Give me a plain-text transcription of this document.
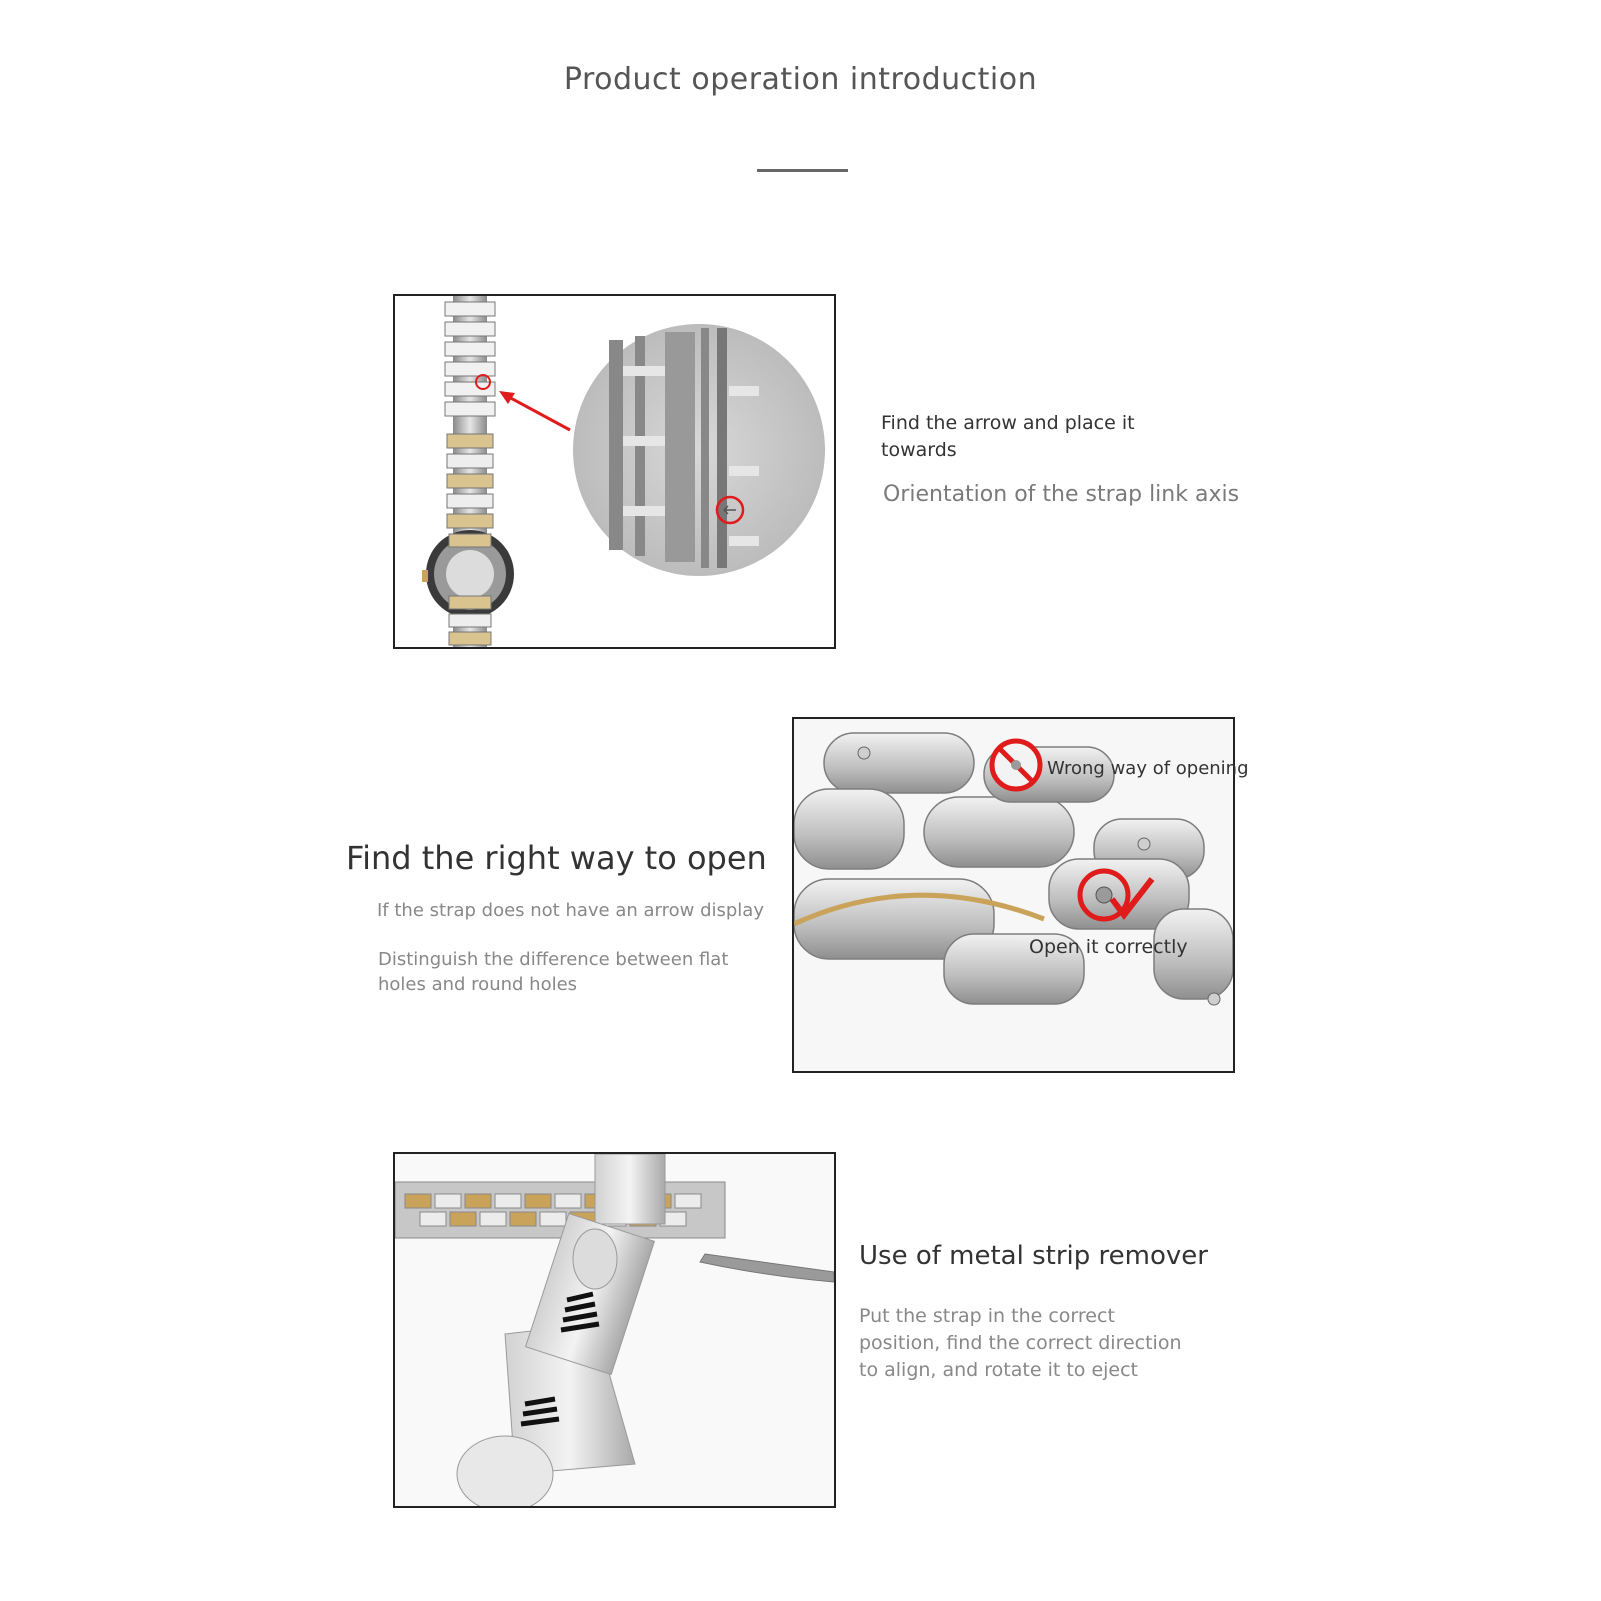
Product operation introduction
Find the arrow and place it
towards
Orientation of the strap link axis
Find the right way to open
If the strap does not have an arrow display
Distinguish the difference between flat
holes and round holes
Wrong way of opening
Open it correctly
Use of metal strip remover
Put the strap in the correct
position, find the correct direction
to align, and rotate it to eject
